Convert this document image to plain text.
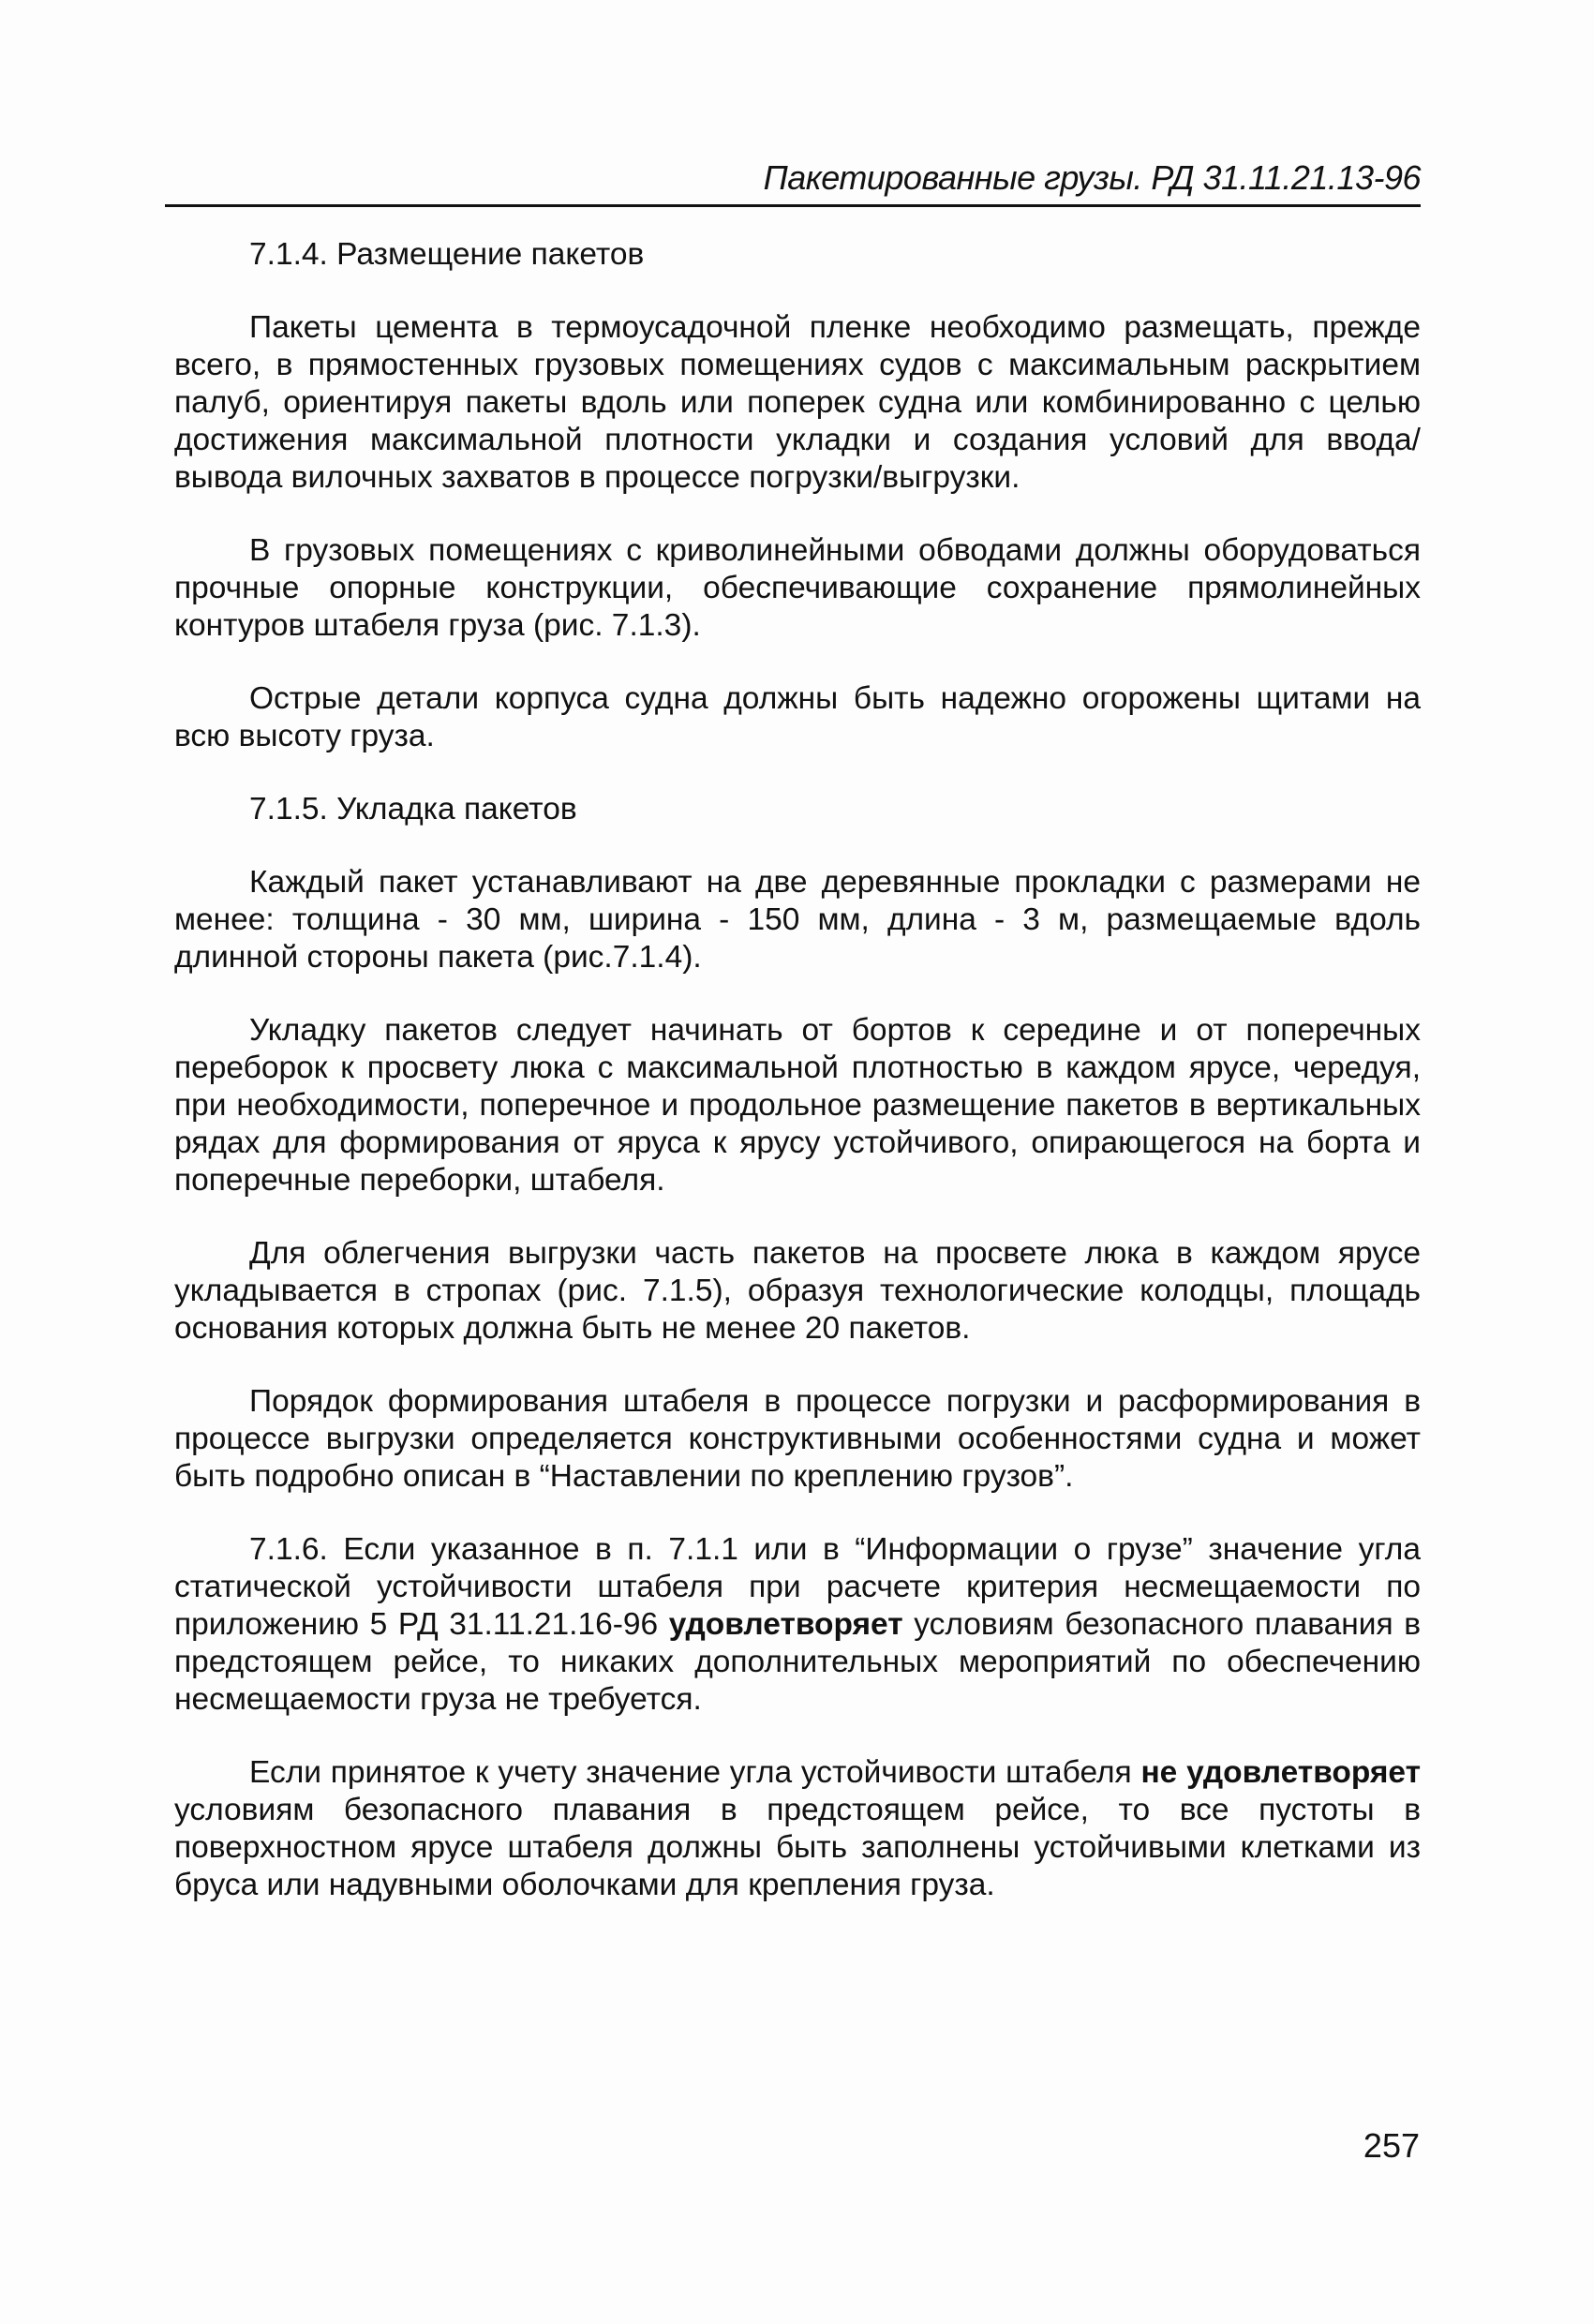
Пакетированные грузы. РД 31.11.21.13-96

7.1.4. Размещение пакетов

Пакеты цемента в термоусадочной пленке необходимо размещать, прежде всего, в прямостенных грузовых помещениях судов с максимальным раскрытием палуб, ориентируя пакеты вдоль или поперек судна или комбинированно с целью достижения максимальной плотности укладки и создания условий для ввода/вывода вилочных захватов в процессе погрузки/выгрузки.

В грузовых помещениях с криволинейными обводами должны оборудоваться прочные опорные конструкции, обеспечивающие сохранение прямолинейных контуров штабеля груза (рис. 7.1.3).

Острые детали корпуса судна должны быть надежно огорожены щитами на всю высоту груза.

7.1.5. Укладка пакетов

Каждый пакет устанавливают на две деревянные прокладки с размерами не менее: толщина - 30 мм, ширина - 150 мм, длина - 3 м, размещаемые вдоль длинной стороны пакета (рис.7.1.4).

Укладку пакетов следует начинать от бортов к середине и от поперечных переборок к просвету люка с максимальной плотностью в каждом ярусе, чередуя, при необходимости, поперечное и продольное размещение пакетов в вертикальных рядах для формирования от яруса к ярусу устойчивого, опирающегося на борта и поперечные переборки, штабеля.

Для облегчения выгрузки часть пакетов на просвете люка в каждом ярусе укладывается в стропах (рис. 7.1.5), образуя технологические колодцы, площадь основания которых должна быть не менее 20 пакетов.

Порядок формирования штабеля в процессе погрузки и расформирования в процессе выгрузки определяется конструктивными особенностями судна и может быть подробно описан в “Наставлении по креплению грузов”.

7.1.6. Если указанное в п. 7.1.1 или в “Информации о грузе” значение угла статической устойчивости штабеля при расчете критерия несмещаемости по приложению 5 РД 31.11.21.16-96 удовлетворяет условиям безопасного плавания в предстоящем рейсе, то никаких дополнительных мероприятий по обеспечению несмещаемости груза не требуется.

Если принятое к учету значение угла устойчивости штабеля не удовлетворяет условиям безопасного плавания в предстоящем рейсе, то все пустоты в поверхностном ярусе штабеля должны быть заполнены устойчивыми клетками из бруса или надувными оболочками для крепления груза.

257
